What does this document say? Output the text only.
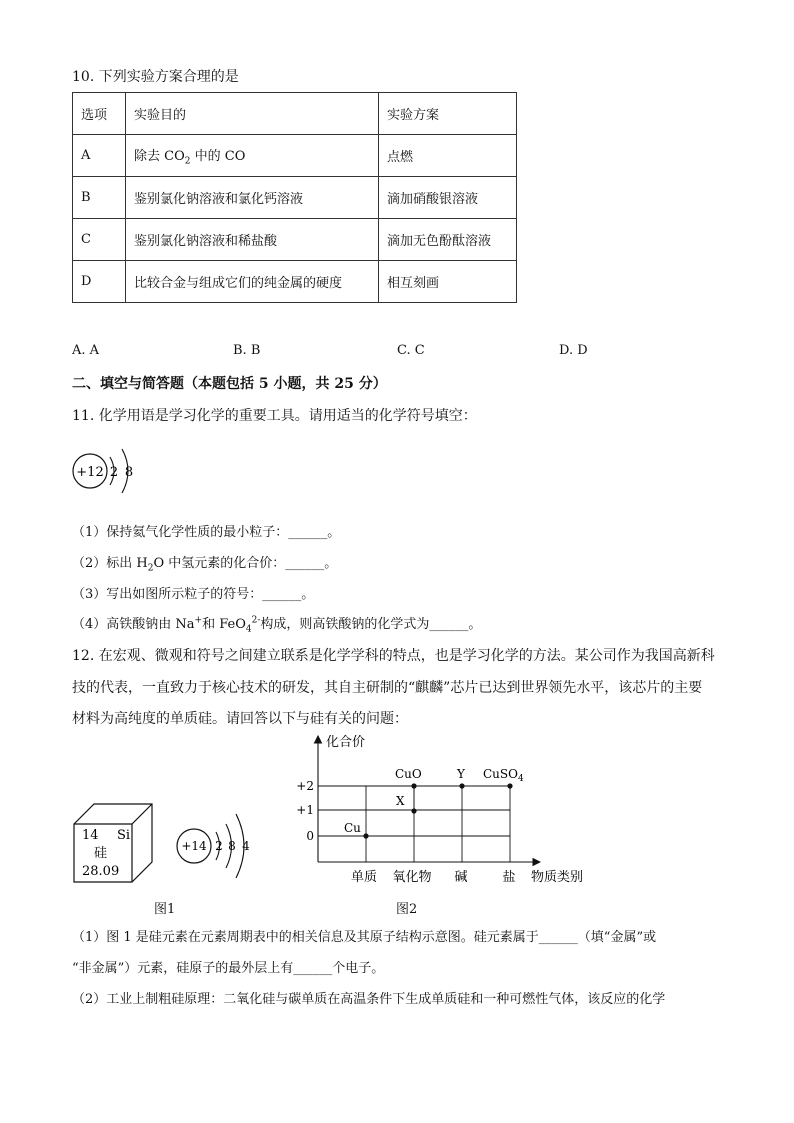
10. 下列实验方案合理的是
选项	实验目的	实验方案
A	除去 $CO_2$ 中的 CO	点燃
B	鉴别氯化钠溶液和氯化钙溶液	滴加硝酸银溶液
C	鉴别氯化钠溶液和稀盐酸	滴加无色酚酞溶液
D	比较合金与组成它们的纯金属的硬度	相互刻画
A. A	B. B	C. C	D. D
二、填空与简答题（本题包括 5 小题，共 25 分）
11. 化学用语是学习化学的重要工具。请用适当的化学符号填空：
+12 2 8
（1）保持氦气化学性质的最小粒子：______。
（2）标出 $H_2O$ 中氢元素的化合价：______。
（3）写出如图所示粒子的符号：______。
（4）高铁酸钠由 Na+和 FeO$_4^{2-}$构成，则高铁酸钠的化学式为______。
12. 在宏观、微观和符号之间建立联系是化学学科的特点，也是学习化学的方法。某公司作为我国高新科
技的代表，一直致力于核心技术的研发，其自主研制的“麒麟”芯片已达到世界领先水平，该芯片的主要
材料为高纯度的单质硅。请回答以下与硅有关的问题：
14 Si
硅
28.09
+14 2 8 4
图1
化合价
+2
+1
0
单质 氧化物 碱	盐 物质类别
Cu
CuO
X
Y CuSO$_4$
图2
（1）图 1 是硅元素在元素周期表中的相关信息及其原子结构示意图。硅元素属于______（填“金属”或
“非金属”）元素，硅原子的最外层上有______个电子。
（2）工业上制粗硅原理：二氧化硅与碳单质在高温条件下生成单质硅和一种可燃性气体，该反应的化学
